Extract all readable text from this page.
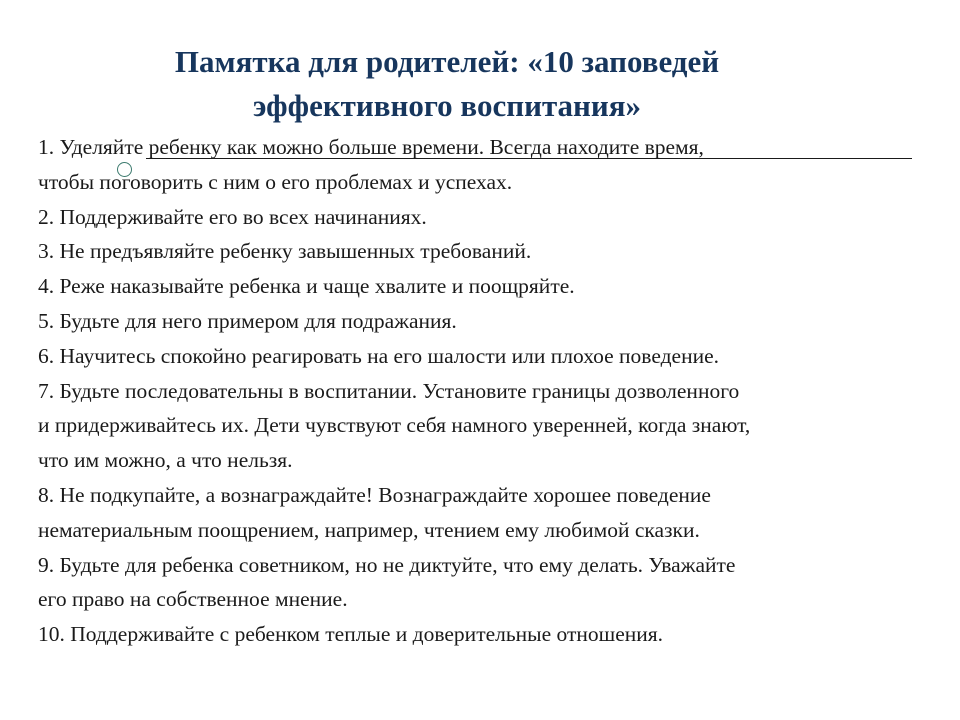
Памятка для родителей: «10 заповедей
эффективного воспитания»
1. Уделяйте ребенку как можно больше времени. Всегда находите время,
чтобы поговорить с ним о его проблемах и успехах.
2. Поддерживайте его во всех начинаниях.
3. Не предъявляйте ребенку завышенных требований.
4. Реже наказывайте ребенка и чаще хвалите и поощряйте.
5. Будьте для него примером для подражания.
6. Научитесь спокойно реагировать на его шалости или плохое поведение.
7. Будьте последовательны в воспитании. Установите границы дозволенного
и придерживайтесь их. Дети чувствуют себя намного уверенней, когда знают,
что им можно, а что нельзя.
8. Не подкупайте, а вознаграждайте! Вознаграждайте хорошее поведение
нематериальным поощрением, например, чтением ему любимой сказки.
9. Будьте для ребенка советником, но не диктуйте, что ему делать. Уважайте
его право на собственное мнение.
10. Поддерживайте с ребенком теплые и доверительные отношения.
